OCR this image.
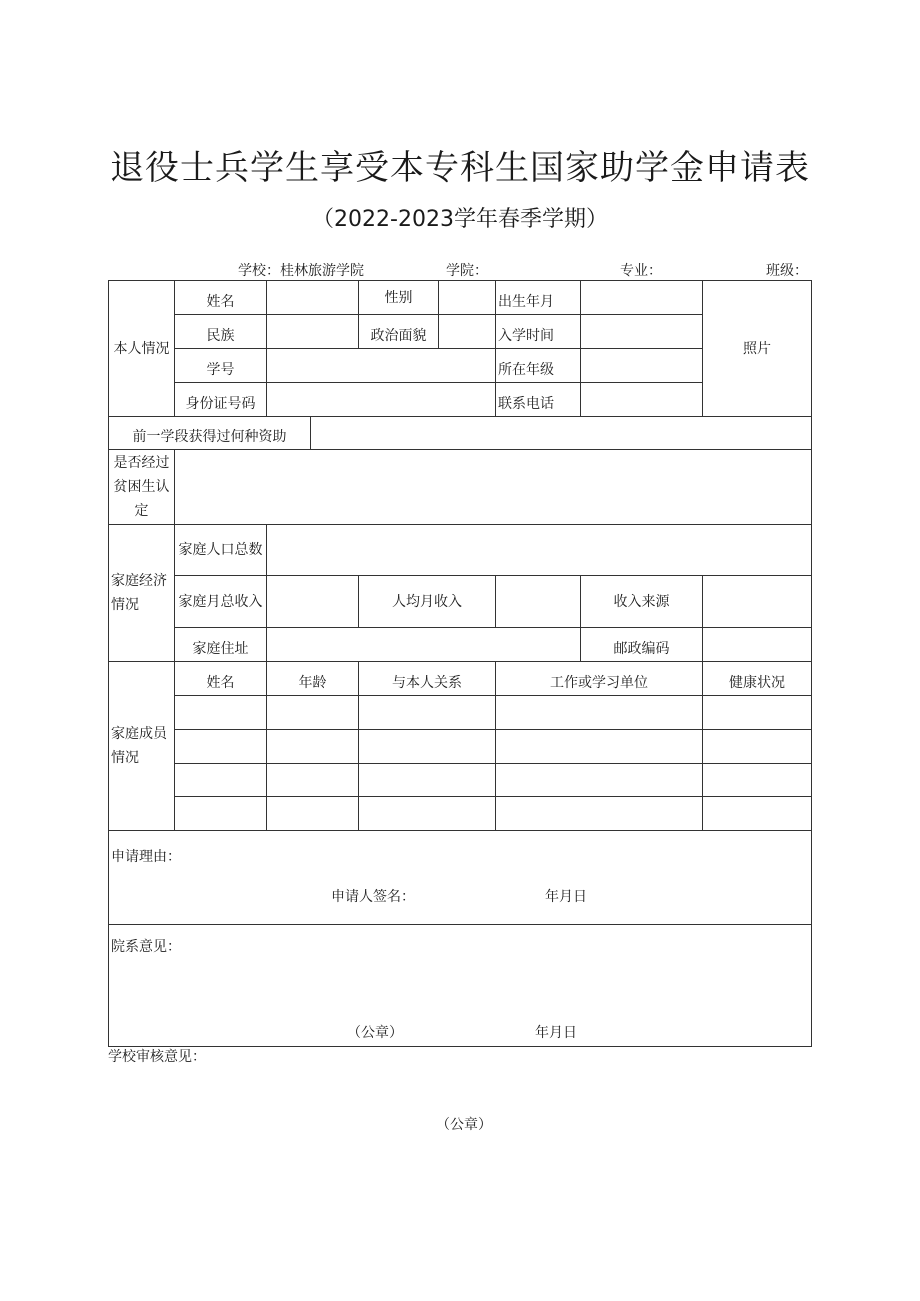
退役士兵学生享受本专科生国家助学金申请表
（2022-2023学年春季学期）
学校：桂林旅游学院	学院：	专业：	班级：
本人情况	姓名			性别		出生年月		照片
	民族			政治面貌		入学时间		
	学号					所在年级		
	身份证号码					联系电话		
前一学段获得过何种资助								
是否经过贫困生认定								
家庭经济情况	家庭人口总数							
	家庭月总收入			人均月收入			收入来源	
	家庭住址						邮政编码	
家庭成员情况	姓名	年龄		与本人关系		工作或学习单位		健康状况

申请理由：
申请人签名： 年月日								

院系意见：
（公章） 年月日								
学校审核意见：
（公章）
